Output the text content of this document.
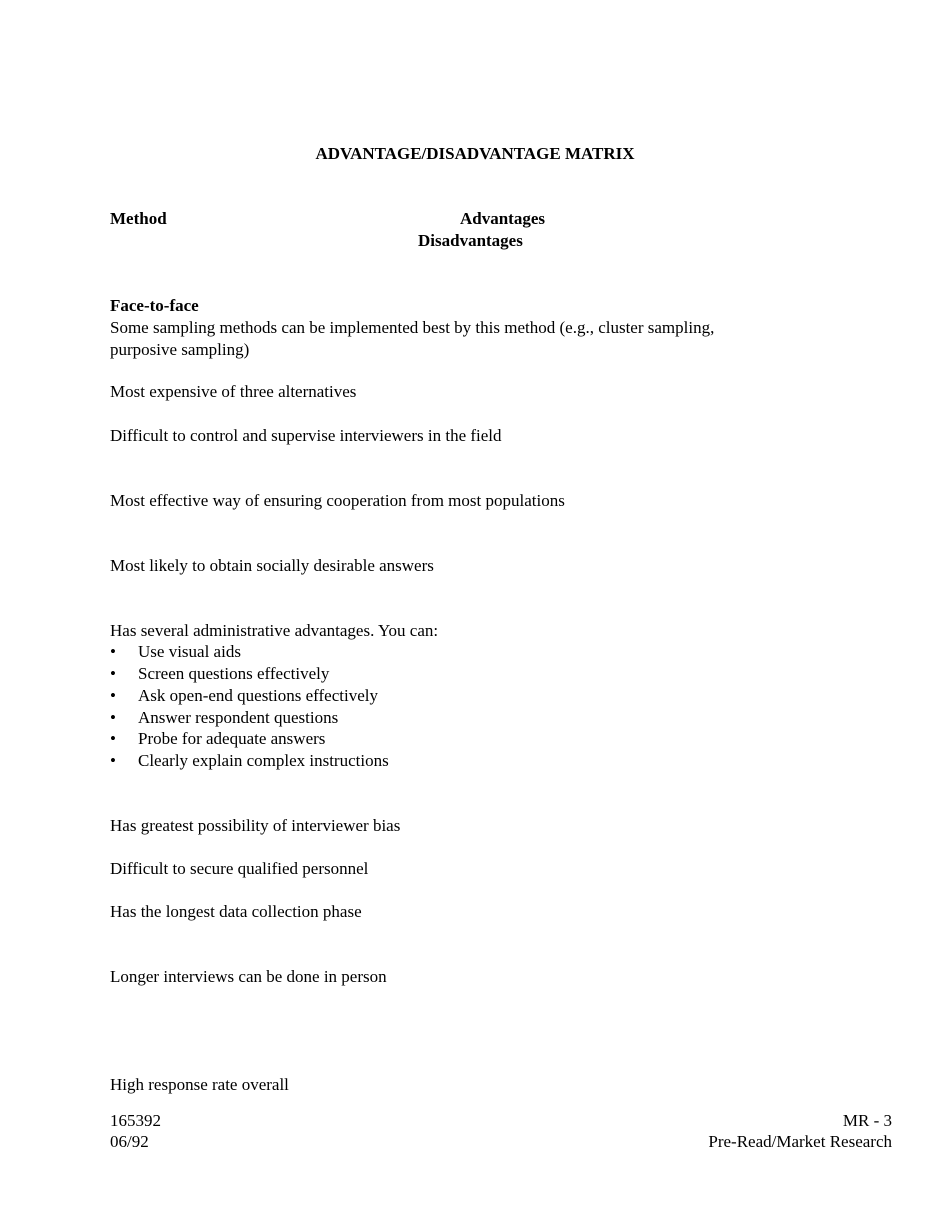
ADVANTAGE/DISADVANTAGE MATRIX
Method	Advantages
Disadvantages
Face-to-face
Some sampling methods can be implemented best by this method (e.g., cluster sampling,
purposive sampling)
Most expensive of three alternatives
Difficult to control and supervise interviewers in the field
Most effective way of ensuring cooperation from most populations
Most likely to obtain socially desirable answers
Has several administrative advantages. You can:
• Use visual aids
• Screen questions effectively
• Ask open-end questions effectively
• Answer respondent questions
• Probe for adequate answers
• Clearly explain complex instructions
Has greatest possibility of interviewer bias
Difficult to secure qualified personnel
Has the longest data collection phase
Longer interviews can be done in person
High response rate overall
165392
06/92
MR - 3
Pre-Read/Market Research
